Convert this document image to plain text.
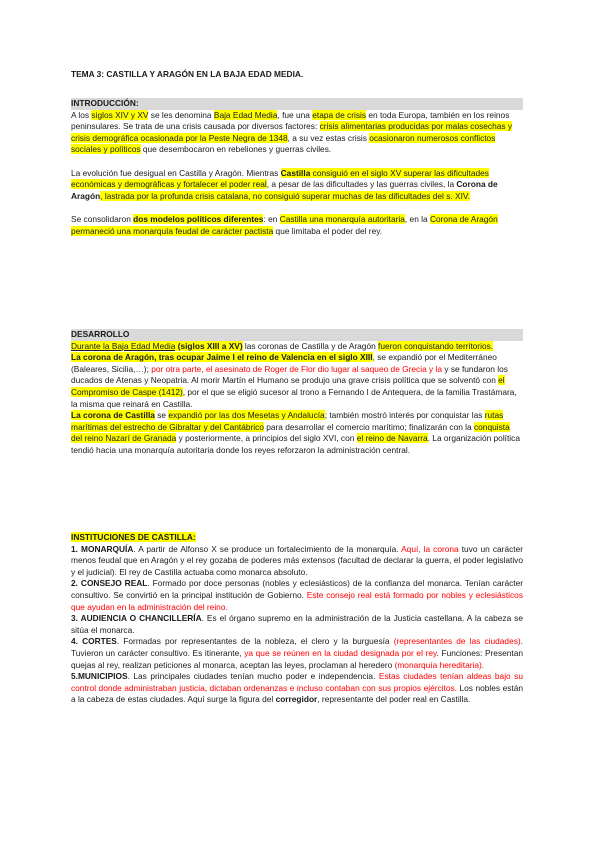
TEMA 3: CASTILLA Y ARAGÓN EN LA BAJA EDAD MEDIA.
INTRODUCCIÓN:

A los siglos XIV y XV se les denomina Baja Edad Media, fue una etapa de crisis en toda Europa, también en los reinos peninsulares. Se trata de una crisis causada por diversos factores: crisis alimentarias producidas por malas cosechas y crisis demográfica ocasionada por la Peste Negra de 1348, a su vez estas crisis ocasionaron numerosos conflictos sociales y políticos que desembocaron en rebeliones y guerras civiles.

La evolución fue desigual en Castilla y Aragón. Mientras Castilla consiguió en el siglo XV superar las dificultades económicas y demográficas y fortalecer el poder real, a pesar de las dificultades y las guerras civiles, la Corona de Aragón, lastrada por la profunda crisis catalana, no consiguió superar muchas de las dificultades del s. XIV.

Se consolidaron dos modelos políticos diferentes: en Castilla una monarquía autoritaria, en la Corona de Aragón permaneció una monarquía feudal de carácter pactista que limitaba el poder del rey.

DESARROLLO

Durante la Baja Edad Media (siglos XIII a XV) las coronas de Castilla y de Aragón fueron conquistando territorios.

La corona de Aragón, tras ocupar Jaime I el reino de Valencia en el siglo XIII, se expandió por el Mediterráneo (Baleares, Sicilia,…); por otra parte, el asesinato de Roger de Flor dio lugar al saqueo de Grecia y la y se fundaron los ducados de Atenas y Neopatria. Al morir Martín el Humano se produjo una grave crisis política que se solventó con el Compromiso de Caspe (1412), por el que se eligió sucesor al trono a Fernando I de Antequera, de la familia Trastámara, la misma que reinará en Castilla.

La corona de Castilla se expandió por las dos Mesetas y Andalucía; también mostró interés por conquistar las rutas marítimas del estrecho de Gibraltar y del Cantábrico para desarrollar el comercio marítimo; finalizarán con la conquista del reino Nazarí de Granada y posteriormente, a principios del siglo XVI, con el reino de Navarra. La organización política tendió hacia una monarquía autoritaria donde los reyes reforzaron la administración central.

INSTITUCIONES DE CASTILLA:

1. MONARQUÍA. A partir de Alfonso X se produce un fortalecimiento de la monarquía. Aquí, la corona tuvo un carácter menos feudal que en Aragón y el rey gozaba de poderes más extensos (facultad de declarar la guerra, el poder legislativo y el judicial). El rey de Castilla actuaba como monarca absoluto.

2. CONSEJO REAL. Formado por doce personas (nobles y eclesiásticos) de la confianza del monarca. Tenían carácter consultivo. Se convirtió en la principal institución de Gobierno. Este consejo real está formado por nobles y eclesiásticos que ayudan en la administración del reino.

3. AUDIENCIA O CHANCILLERÍA. Es el órgano supremo en la administración de la Justicia castellana. A la cabeza se sitúa el monarca.

4. CORTES. Formadas por representantes de la nobleza, el clero y la burguesía (representantes de las ciudades). Tuvieron un carácter consultivo. Es itinerante, ya que se reúnen en la ciudad designada por el rey. Funciones: Presentan quejas al rey, realizan peticiones al monarca, aceptan las leyes, proclaman al heredero (monarquía hereditaria).

5.MUNICIPIOS. Las principales ciudades tenían mucho poder e independencia. Estas ciudades tenían aldeas bajo su control donde administraban justicia, dictaban ordenanzas e incluso contaban con sus propios ejércitos. Los nobles están a la cabeza de estas ciudades. Aquí surge la figura del corregidor, representante del poder real en Castilla.
